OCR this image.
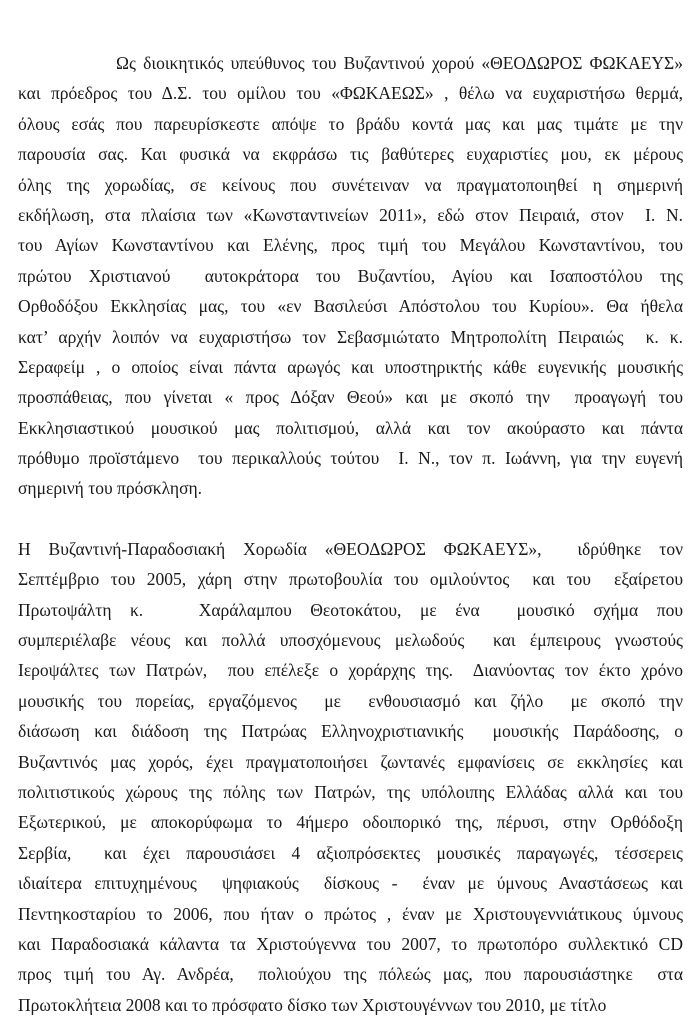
Ως διοικητικός υπεύθυνος του Βυζαντινού χορού «ΘΕΟΔΩΡΟΣ ΦΩΚΑΕΥΣ»
και πρόεδρος του Δ.Σ. του ομίλου του «ΦΩΚΑΕΩΣ» , θέλω να ευχαριστήσω θερμά,
όλους εσάς που παρευρίσκεστε απόψε το βράδυ κοντά μας και μας τιμάτε με την
παρουσία σας. Και φυσικά να εκφράσω τις βαθύτερες ευχαριστίες μου, εκ μέρους
όλης της χορωδίας, σε κείνους που συνέτειναν να πραγματοποιηθεί η σημερινή
εκδήλωση, στα πλαίσια των «Κωνσταντινείων 2011», εδώ στον Πειραιά, στον  Ι. Ν.
του Αγίων Κωνσταντίνου και Ελένης, προς τιμή του Μεγάλου Κωνσταντίνου, του
πρώτου Χριστιανού  αυτοκράτορα του Βυζαντίου, Αγίου και Ισαποστόλου της
Ορθοδόξου Εκκλησίας μας, του «εν Βασιλεύσι Απόστολου του Κυρίου». Θα ήθελα
κατ’ αρχήν λοιπόν να ευχαριστήσω τον Σεβασμιώτατο Μητροπολίτη Πειραιώς  κ. κ.
Σεραφείμ , ο οποίος είναι πάντα αρωγός και υποστηρικτής κάθε ευγενικής μουσικής
προσπάθειας, που γίνεται « προς Δόξαν Θεού» και με σκοπό την  προαγωγή του
Εκκλησιαστικού μουσικού μας πολιτισμού, αλλά και τον ακούραστο και πάντα
πρόθυμο προϊστάμενο  του περικαλλούς τούτου  Ι. Ν., τον π. Ιωάννη, για την ευγενή
σημερινή του πρόσκληση.
Η Βυζαντινή-Παραδοσιακή Χορωδία «ΘΕΟΔΩΡΟΣ ΦΩΚΑΕΥΣ»,  ιδρύθηκε τον
Σεπτέμβριο του 2005, χάρη στην πρωτοβουλία του ομιλούντος  και του  εξαίρετου
Πρωτοψάλτη κ.   Χαράλαμπου Θεοτοκάτου, με ένα  μουσικό σχήμα που
συμπεριέλαβε νέους και πολλά υποσχόμενους μελωδούς  και έμπειρους γνωστούς
Ιεροψάλτες των Πατρών,  που επέλεξε ο χοράρχης της.  Διανύοντας τον έκτο χρόνο
μουσικής του πορείας, εργαζόμενος  με  ενθουσιασμό και ζήλο  με σκοπό την
διάσωση και διάδοση της Πατρώας Ελληνοχριστιανικής  μουσικής Παράδοσης, ο
Βυζαντινός μας χορός, έχει πραγματοποιήσει ζωντανές εμφανίσεις σε εκκλησίες και
πολιτιστικούς χώρους της πόλης των Πατρών, της υπόλοιπης Ελλάδας αλλά και του
Εξωτερικού, με αποκορύφωμα το 4ήμερο οδοιπορικό της, πέρυσι, στην Ορθόδοξη
Σερβία,  και έχει παρουσιάσει 4 αξιοπρόσεκτες μουσικές παραγωγές, τέσσερεις
ιδιαίτερα επιτυχημένους  ψηφιακούς  δίσκους -  έναν με ύμνους Αναστάσεως και
Πεντηκοσταρίου το 2006, που ήταν ο πρώτος , έναν με Χριστουγεννιάτικους ύμνους
και Παραδοσιακά κάλαντα τα Χριστούγεννα του 2007, το πρωτοπόρο συλλεκτικό CD
προς τιμή του Αγ. Ανδρέα,  πολιούχου της πόλεώς μας, που παρουσιάστηκε  στα
Πρωτοκλήτεια 2008 και το πρόσφατο δίσκο των Χριστουγέννων του 2010, με τίτλο
